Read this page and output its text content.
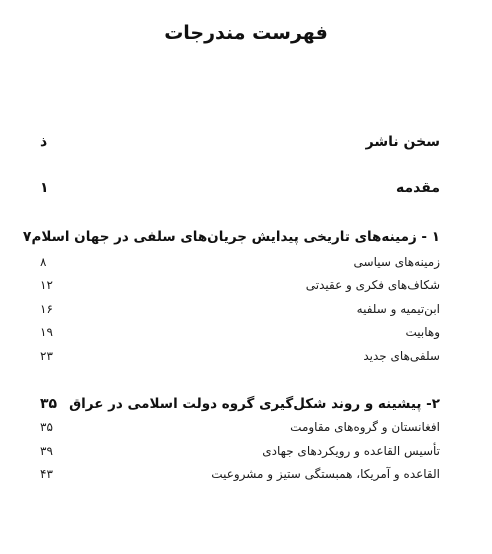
فهرست مندرجات
سخن ناشر
ذ
مقدمه
۱
۱ - زمینه‌های تاریخی پیدایش جریان‌های سلفی در جهان اسلام
۷
زمینه‌های سیاسی
۸
شکاف‌های فکری و عقیدتی
۱۲
ابن‌تیمیه و سلفیه
۱۶
وهابیت
۱۹
سلفی‌های جدید
۲۳
۲- پیشینه و روند شکل‌گیری گروه دولت اسلامی در عراق
۳۵
افغانستان و گروه‌های مقاومت
۳۵
تأسیس القاعده و رویکردهای جهادی
۳۹
القاعده و آمریکا، همبستگی ستیز و مشروعیت
۴۳
